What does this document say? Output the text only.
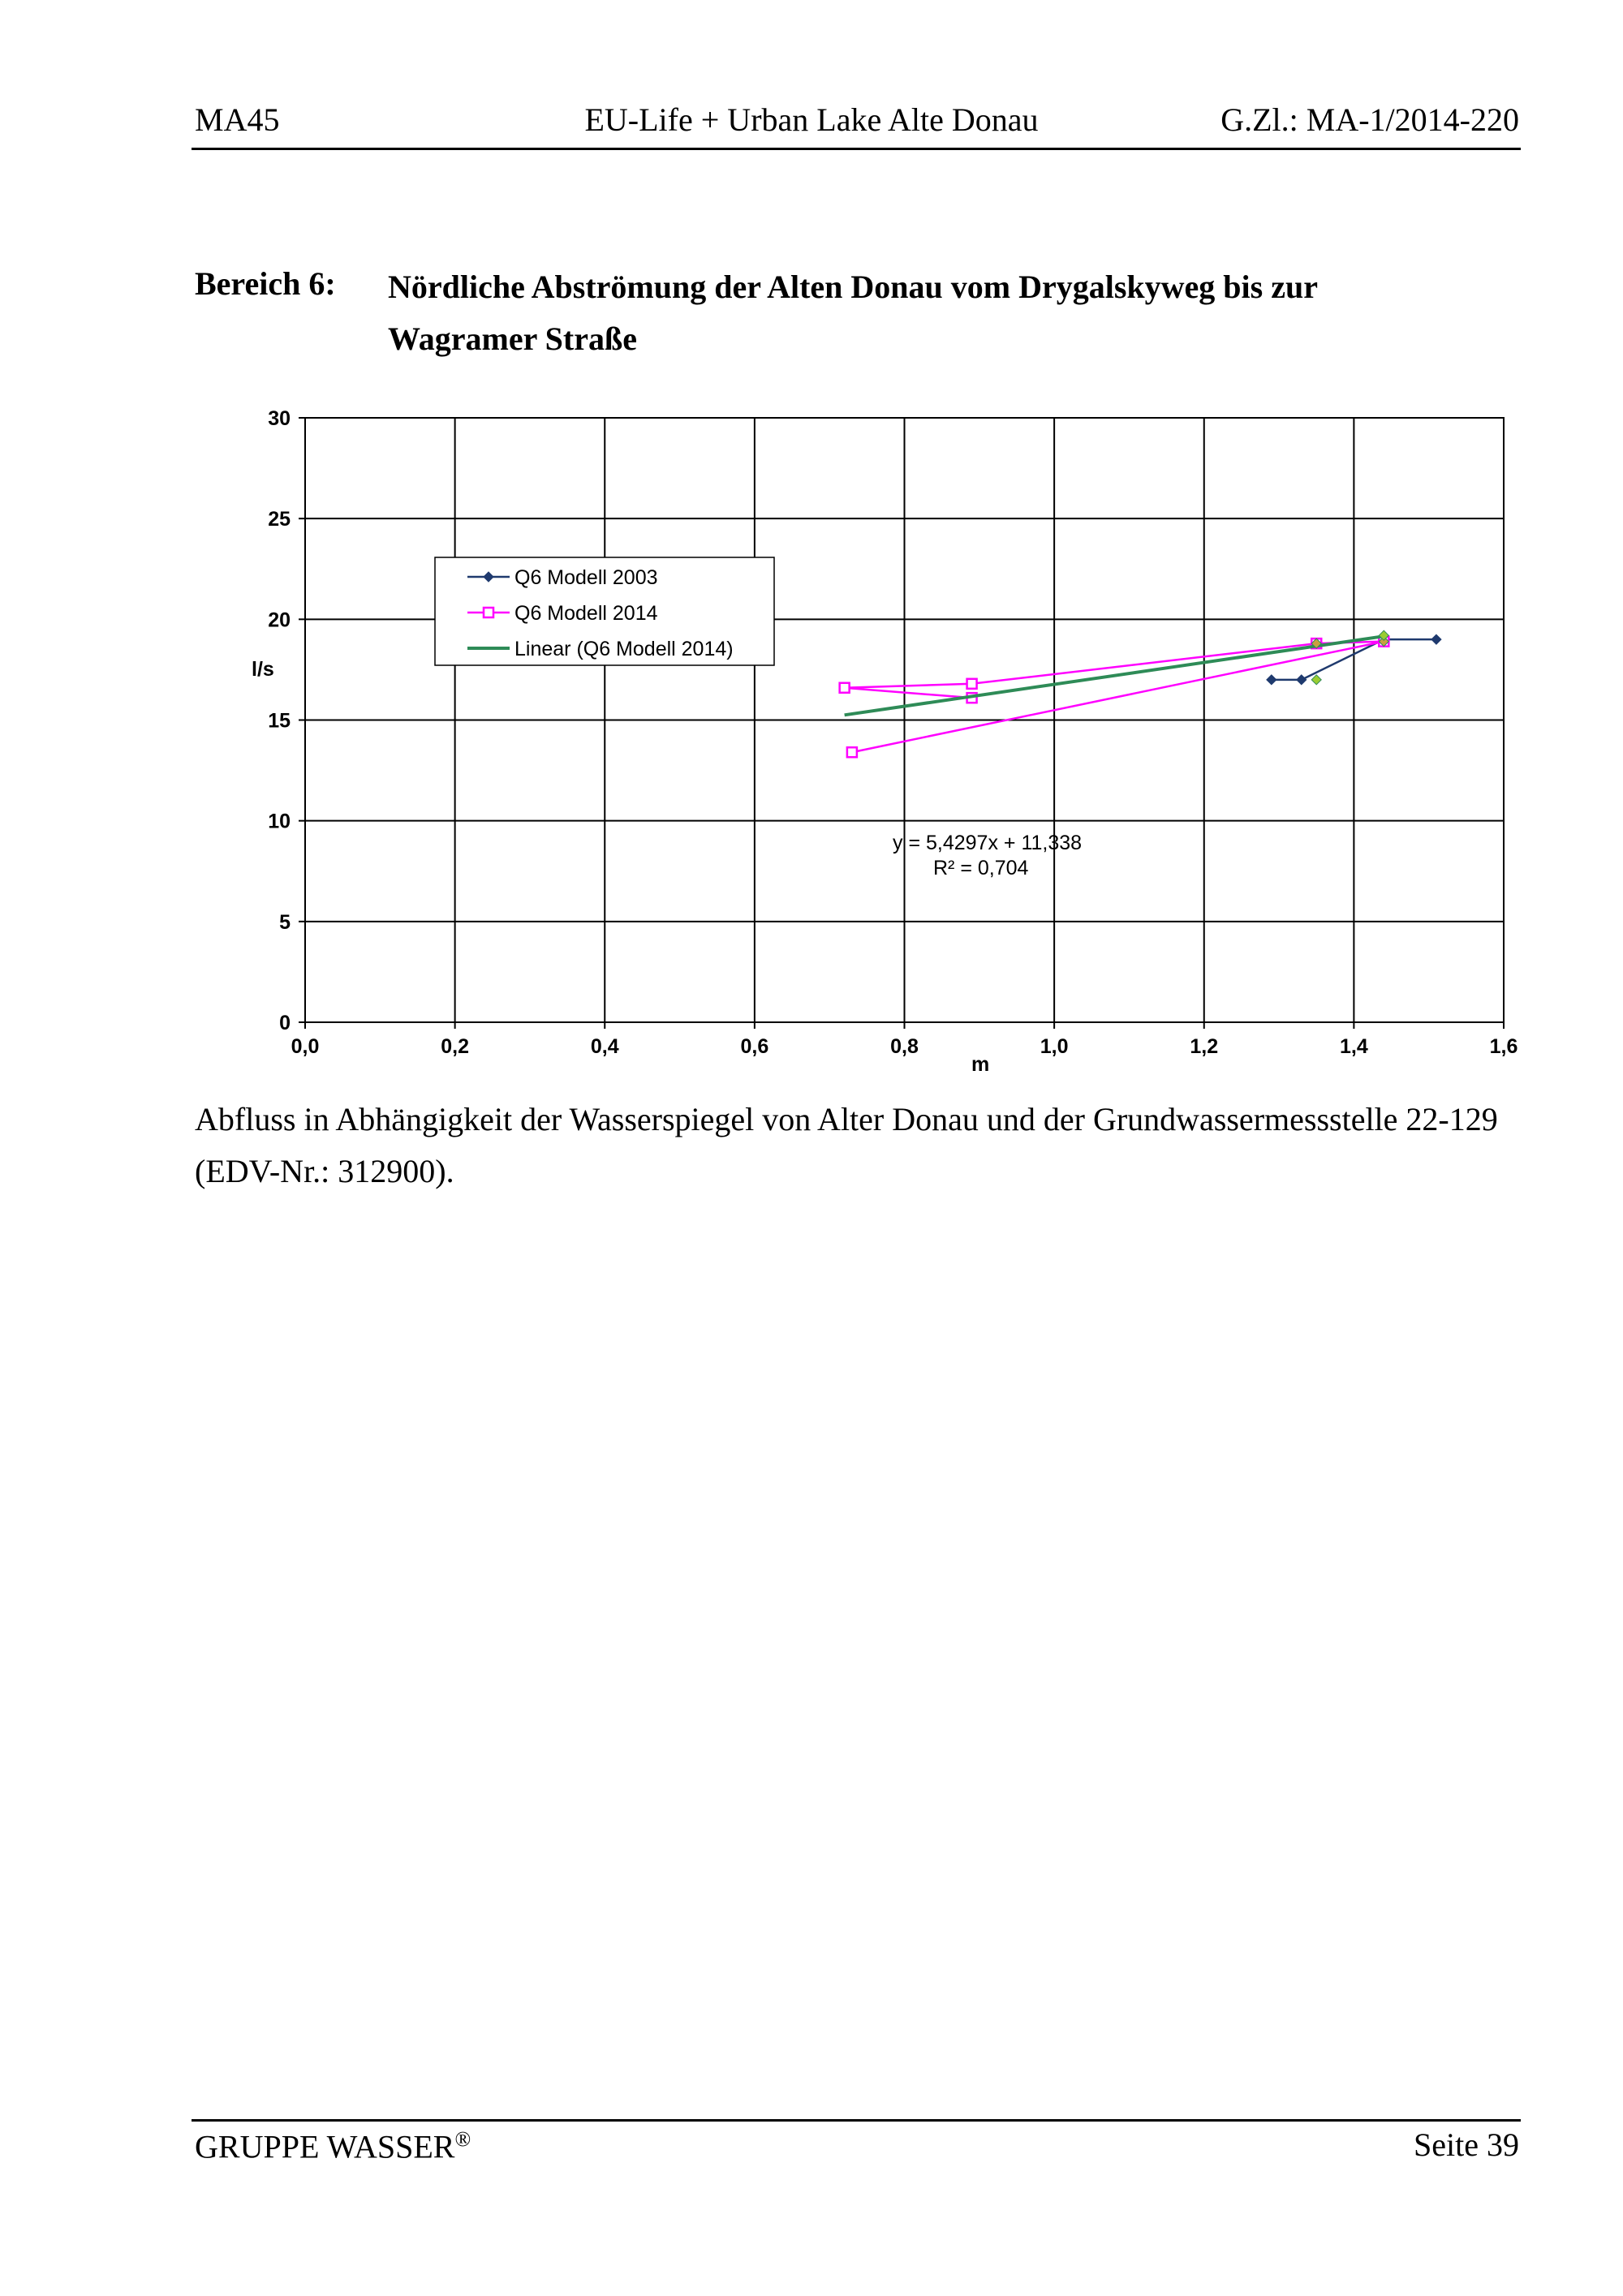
MA45	EU-Life + Urban Lake Alte Donau	G.Zl.: MA-1/2014-220
Bereich 6: Nördliche Abströmung der Alten Donau vom Drygalskyweg bis zur Wagramer Straße
0,0	0,2	0,4	0,6	0,8	1,0	1,2	1,4	1,6
0
5
10
15
20
25
30
l/s
m
Q6 Modell 2003
Q6 Modell 2014
Linear (Q6 Modell 2014)
y = 5,4297x + 11,338
R² = 0,704
Abfluss in Abhängigkeit der Wasserspiegel von Alter Donau und der Grundwassermessstelle 22-129 (EDV-Nr.: 312900).
GRUPPE WASSER®	Seite 39
